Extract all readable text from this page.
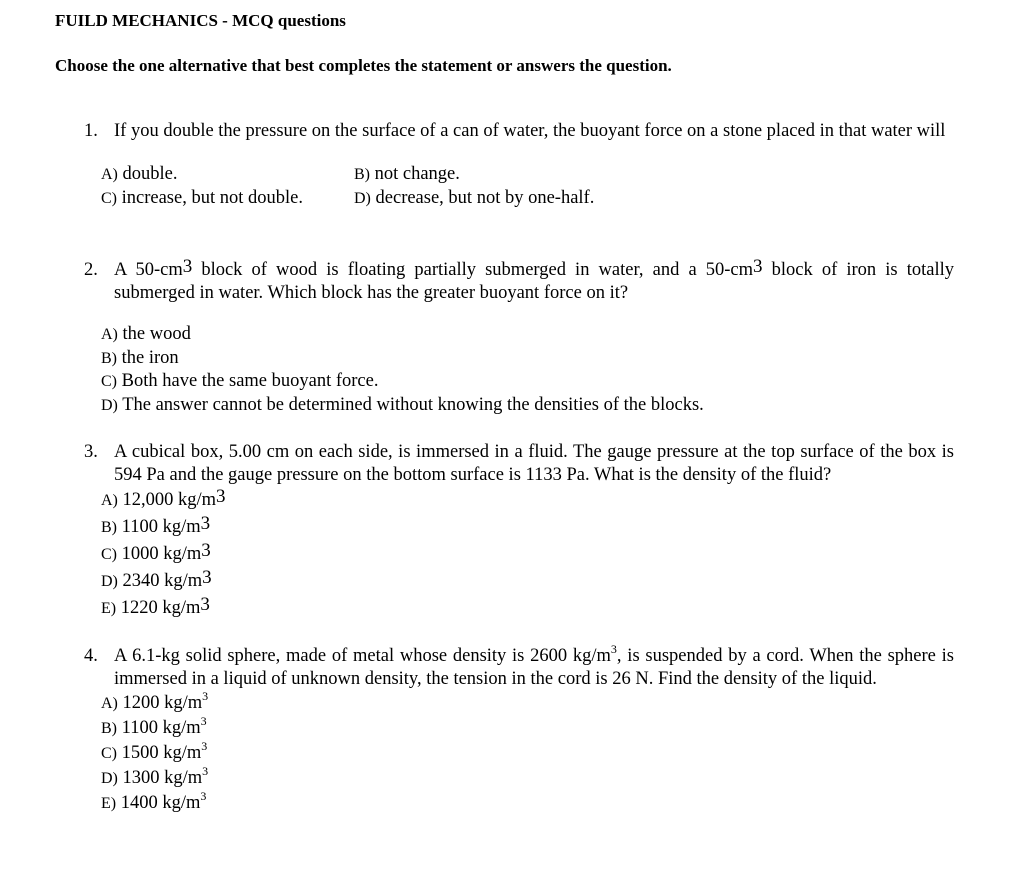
FUILD MECHANICS - MCQ questions
Choose the one alternative that best completes the statement or answers the question.
1. If you double the pressure on the surface of a can of water, the buoyant force on a stone placed in that water will
A) double.	B) not change.
C) increase, but not double.	D) decrease, but not by one-half.
2. A $50-cm^3$ block of wood is floating partially submerged in water, and a $50-cm^3$ block of iron is totally submerged in water. Which block has the greater buoyant force on it?
A) the wood
B) the iron
C) Both have the same buoyant force.
D) The answer cannot be determined without knowing the densities of the blocks.
3. A cubical box, 5.00 cm on each side, is immersed in a fluid. The gauge pressure at the top surface of the box is 594 Pa and the gauge pressure on the bottom surface is 1133 Pa. What is the density of the fluid?
A) 12,000 $kg/m^3$
B) 1100 $kg/m^3$
C) 1000 $kg/m^3$
D) 2340 $kg/m^3$
E) 1220 $kg/m^3$
4. A 6.1-kg solid sphere, made of metal whose density is 2600 $kg/m^3$, is suspended by a cord. When the sphere is immersed in a liquid of unknown density, the tension in the cord is 26 N. Find the density of the liquid.
A) 1200 $kg/m^3$
B) 1100 $kg/m^3$
C) 1500 $kg/m^3$
D) 1300 $kg/m^3$
E) 1400 $kg/m^3$
